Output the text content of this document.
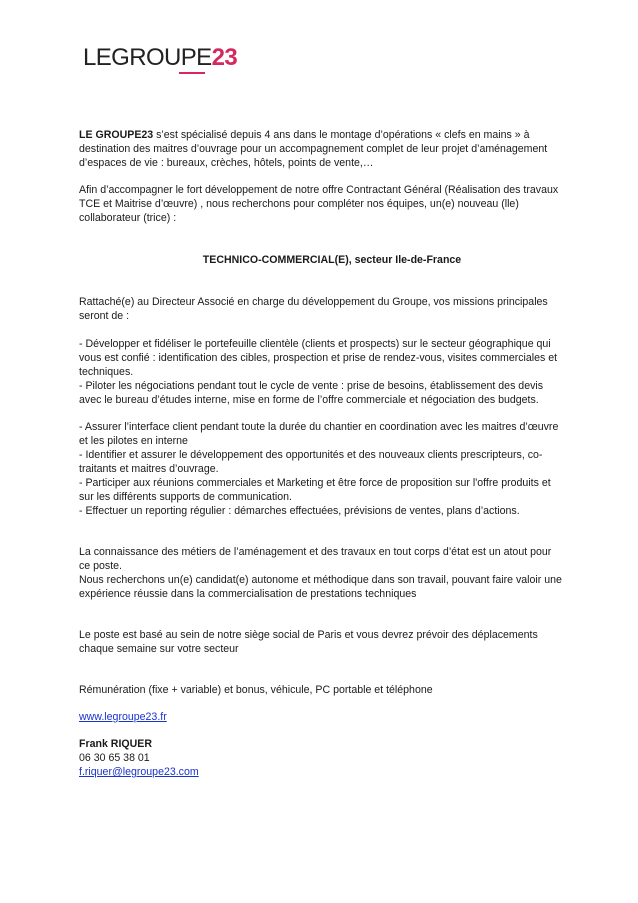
LEGROUPE23

LE GROUPE23 s’est spécialisé depuis 4 ans dans le montage d’opérations « clefs en mains » à destination des maitres d’ouvrage pour un accompagnement complet de leur projet d’aménagement d’espaces de vie : bureaux, crèches, hôtels, points de vente,…

Afin d’accompagner le fort développement de notre offre Contractant Général (Réalisation des travaux TCE et Maitrise d’œuvre) , nous recherchons pour compléter nos équipes, un(e) nouveau (lle) collaborateur (trice) :

TECHNICO-COMMERCIAL(E), secteur Ile-de-France

Rattaché(e) au Directeur Associé en charge du développement du Groupe, vos missions principales seront de :

- Développer et fidéliser le portefeuille clientèle (clients et prospects) sur le secteur géographique qui vous est confié : identification des cibles, prospection et prise de rendez-vous, visites commerciales et techniques.

- Piloter les négociations pendant tout le cycle de vente : prise de besoins, établissement des devis avec le bureau d’études interne, mise en forme de l’offre commerciale et négociation des budgets.

- Assurer l’interface client pendant toute la durée du chantier en coordination avec les maitres d’œuvre et les pilotes en interne

- Identifier et assurer le développement des opportunités et des nouveaux clients prescripteurs, co-traitants et maitres d’ouvrage.

- Participer aux réunions commerciales et Marketing et être force de proposition sur l'offre produits et sur les différents supports de communication.

- Effectuer un reporting régulier : démarches effectuées, prévisions de ventes, plans d’actions.

La connaissance des métiers de l’aménagement et des travaux en tout corps d’état est un atout pour ce poste.

Nous recherchons un(e) candidat(e) autonome et méthodique dans son travail, pouvant faire valoir une expérience réussie dans la commercialisation de prestations techniques

Le poste est basé au sein de notre siège social de Paris et vous devrez prévoir des déplacements chaque semaine sur votre secteur

Rémunération (fixe + variable) et bonus, véhicule, PC portable et téléphone

www.legroupe23.fr

Frank RIQUER

06 30 65 38 01

f.riquer@legroupe23.com
